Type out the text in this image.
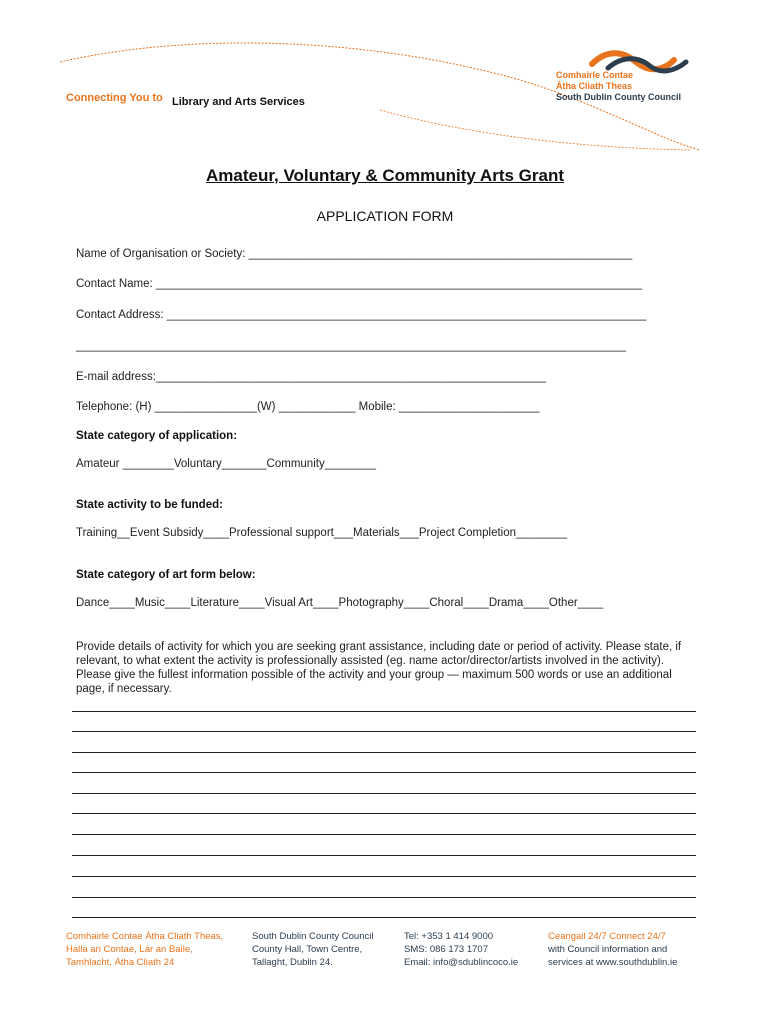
Connecting You to Library and Arts Services
Comhairle Contae
Átha Cliath Theas
South Dublin County Council
Amateur, Voluntary & Community Arts Grant
APPLICATION FORM
Name of Organisation or Society: ____________________________________________________________
Contact Name: ____________________________________________________________________________
Contact Address: ___________________________________________________________________________
______________________________________________________________________________________
E-mail address:_____________________________________________________________
Telephone: (H) ________________(W) ____________ Mobile: ______________________
State category of application:
Amateur ________Voluntary_______Community________
State activity to be funded:
Training__Event Subsidy____Professional support___Materials___Project Completion________
State category of art form below:
Dance____Music____Literature____Visual Art____Photography____Choral____Drama____Other____
Provide details of activity for which you are seeking grant assistance, including date or period of activity. Please state, if relevant, to what extent the activity is professionally assisted (eg. name actor/director/artists involved in the activity). Please give the fullest information possible of the activity and your group — maximum 500 words or use an additional page, if necessary.
Comhairle Contae Átha Cliath Theas,
Halla an Contae, Lár an Baile,
Tamhlacht, Átha Cliath 24
South Dublin County Council
County Hall, Town Centre,
Tallaght, Dublin 24.
Tel: +353 1 414 9000
SMS: 086 173 1707
Email: info@sdublincoco.ie
Ceangail 24/7 Connect 24/7
with Council information and
services at www.southdublin.ie
